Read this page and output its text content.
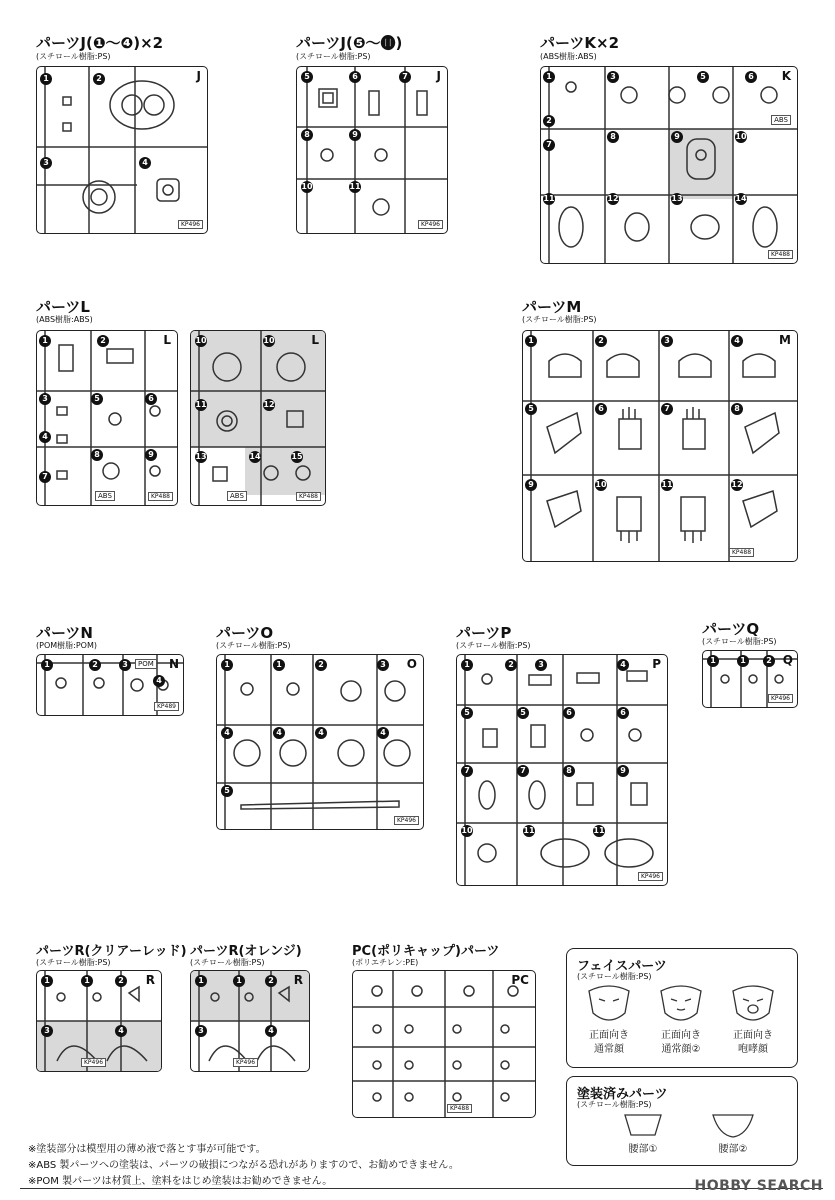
パーツJ(❶〜❹)×2
(スチロール樹脂:PS)
1	2
3	4
J
KP496
パーツJ(❺〜⓫)
(スチロール樹脂:PS)
5	6	7
8	9
10	11
J
KP496
パーツK×2
(ABS樹脂:ABS)
1	3	5	6
2
8	9	10
7
11	12	13	14
K
ABS
KP488
パーツL
(ABS樹脂:ABS)
1	2
3	5	6
4
7
8	9
L
ABS	KP488
10	10
11	12
13	14	15
L
ABS	KP488
パーツM
(スチロール樹脂:PS)
1	2	3	4
5	6	7	8
9	10	11	12
M
KP488
パーツN
(POM樹脂:POM)
1	2	3
4
POM N
KP489
パーツO
(スチロール樹脂:PS)
1	1	2	3
4	4	4	4
5
O
KP496
パーツP
(スチロール樹脂:PS)
1	2	3	4
5	5	6	6
7	7	8	9
10	11	11
P
KP496
パーツQ
(スチロール樹脂:PS)
1	1	2 Q
KP496
パーツR(クリアーレッド)
(スチロール樹脂:PS)
1	1	2
3	4
R
KP496
パーツR(オレンジ)
(スチロール樹脂:PS)
1	1	2
3	4
R
KP496
PC(ポリキャップ)パーツ
(ポリエチレン:PE)
PC
KP488
フェイスパーツ
(スチロール樹脂:PS)
正面向き
通常顔
正面向き
通常顔②
正面向き
咆哮顔
塗装済みパーツ
(スチロール樹脂:PS)
腰部①	腰部②
※塗装部分は模型用の薄め液で落とす事が可能です。
※ABS 製パーツへの塗装は、パーツの破損につながる恐れがありますので、お勧めできません。
※POM 製パーツは材質上、塗料をはじめ塗装はお勧めできません。	HOBBY SEARCH
